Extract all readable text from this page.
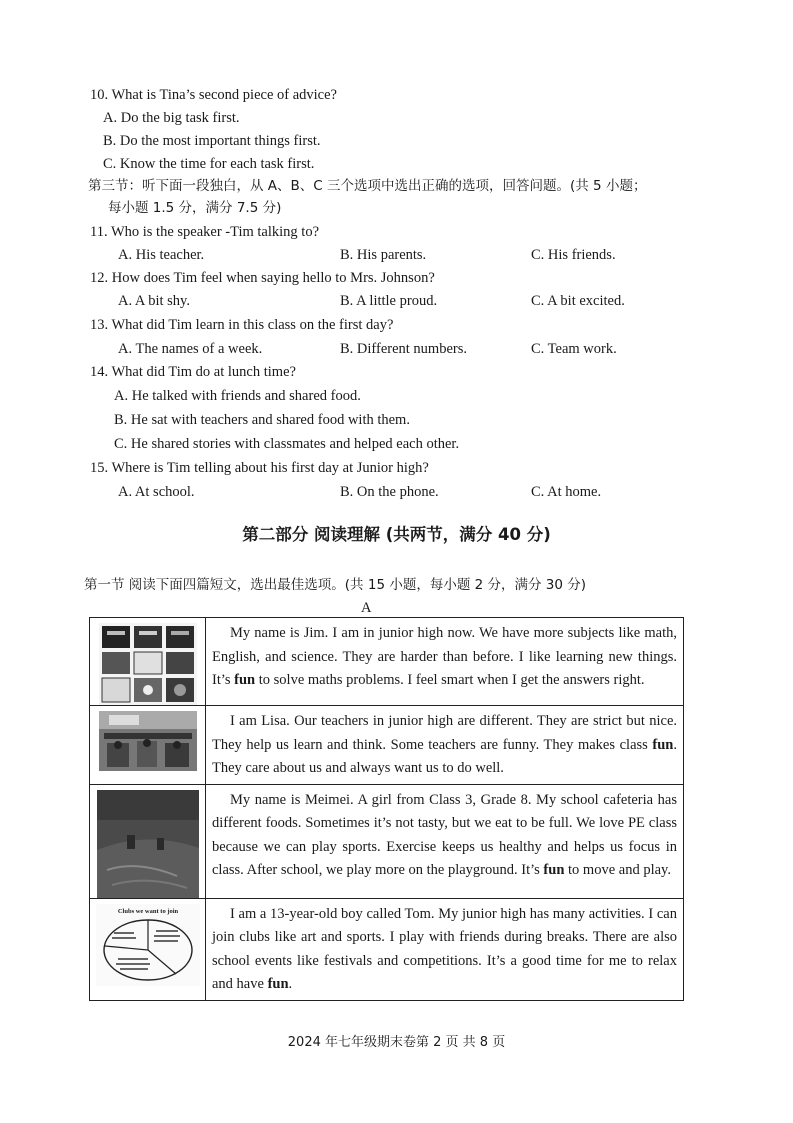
10. What is Tina’s second piece of advice?
A. Do the big task first.
B. Do the most important things first.
C. Know the time for each task first.
第三节：听下面一段独白，从 A、B、C 三个选项中选出正确的选项，回答问题。(共 5 小题；
每小题 1.5 分，满分 7.5 分)
11. Who is the speaker -Tim talking to?
A. His teacher.	B. His parents.	C. His friends.
12. How does Tim feel when saying hello to Mrs. Johnson?
A. A bit shy.	B. A little proud.	C. A bit excited.
13. What did Tim learn in this class on the first day?
A. The names of a week.	B. Different numbers.	C. Team work.
14. What did Tim do at lunch time?
A. He talked with friends and shared food.
B. He sat with teachers and shared food with them.
C. He shared stories with classmates and helped each other.
15. Where is Tim telling about his first day at Junior high?
A. At school.	B. On the phone.	C. At home.
第二部分 阅读理解 (共两节，满分 40 分)
第一节 阅读下面四篇短文，选出最佳选项。(共 15 小题，每小题 2 分，满分 30 分)
A

My name is Jim. I am in junior high now. We have more subjects like math, English, and science. They are harder than before. I like learning new things. It’s fun to solve maths problems. I feel smart when I get the answers right.

I am Lisa. Our teachers in junior high are different. They are strict but nice. They help us learn and think. Some teachers are funny. They makes class fun. They care about us and always want us to do well.

My name is Meimei. A girl from Class 3, Grade 8. My school cafeteria has different foods. Sometimes it’s not tasty, but we eat to be full. We love PE class because we can play sports. Exercise keeps us healthy and helps us focus in class. After school, we play more on the playground. It’s fun to move and play.

Clubs we want to join	I am a 13-year-old boy called Tom. My junior high has many activities. I can join clubs like art and sports. I play with friends during breaks. There are also school events like festivals and competitions. It’s a good time for me to relax and have fun.

2024 年七年级期末卷第 2 页 共 8 页
